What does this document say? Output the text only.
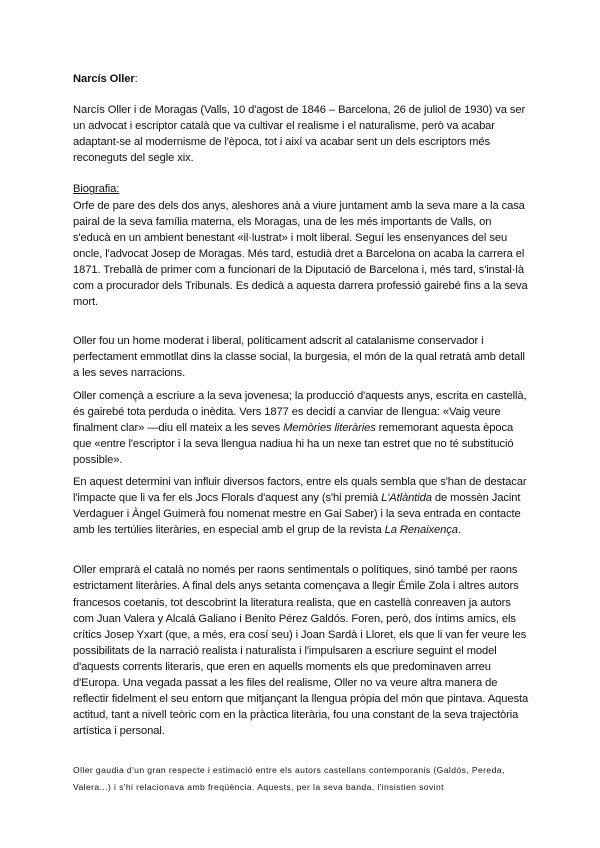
Narcís Oller:

Narcís Oller i de Moragas (Valls, 10 d'agost de 1846 – Barcelona, 26 de juliol de 1930) va ser un advocat i escriptor català que va cultivar el realisme i el naturalisme, però va acabar adaptant-se al modernisme de l'època, tot i així va acabar sent un dels escriptors més reconeguts del segle xix.

Biografia:

Orfe de pare des dels dos anys, aleshores anà a viure juntament amb la seva mare a la casa pairal de la seva família materna, els Moragas, una de les més importants de Valls, on s'educà en un ambient benestant «il·lustrat» i molt liberal. Seguí les ensenyances del seu oncle, l'advocat Josep de Moragas. Més tard, estudià dret a Barcelona on acaba la carrera el 1871. Treballà de primer com a funcionari de la Diputació de Barcelona i, més tard, s'instal·là com a procurador dels Tribunals. Es dedicà a aquesta darrera professió gairebé fins a la seva mort.

Oller fou un home moderat i liberal, políticament adscrit al catalanisme conservador i perfectament emmotllat dins la classe social, la burgesia, el món de la qual retratà amb detall a les seves narracions.

Oller començà a escriure a la seva jovenesa; la producció d'aquests anys, escrita en castellà, és gairebé tota perduda o inèdita. Vers 1877 es decidí a canviar de llengua: «Vaig veure finalment clar» —diu ell mateix a les seves Memòries literàries rememorant aquesta època que «entre l'escriptor i la seva llengua nadiua hi ha un nexe tan estret que no té substitució possible».

En aquest determini van influir diversos factors, entre els quals sembla que s'han de destacar l'impacte que li va fer els Jocs Florals d'aquest any (s'hi premià L'Atlàntida de mossèn Jacint Verdaguer i Àngel Guimerà fou nomenat mestre en Gai Saber) i la seva entrada en contacte amb les tertúlies literàries, en especial amb el grup de la revista La Renaixença.

Oller emprarà el català no només per raons sentimentals o polítiques, sinó també per raons estrictament literàries. A final dels anys setanta començava a llegir Émile Zola i altres autors francesos coetanis, tot descobrint la literatura realista, que en castellà conreaven ja autors com Juan Valera y Alcalá Galiano i Benito Pérez Galdós. Foren, però, dos íntims amics, els crítics Josep Yxart (que, a més, era cosí seu) i Joan Sardà i Lloret, els que li van fer veure les possibilitats de la narració realista i naturalista i l'impulsaren a escriure seguint el model d'aquests corrents literaris, que eren en aquells moments els que predominaven arreu d'Europa. Una vegada passat a les files del realisme, Oller no va veure altra manera de reflectir fidelment el seu entorn que mitjançant la llengua pròpia del món que pintava. Aquesta actitud, tant a nivell teòric com en la pràctica literària, fou una constant de la seva trajectòria artística i personal.

Oller gaudia d'un gran respecte i estimació entre els autors castellans contemporanis (Galdós, Pereda, Valera...) i s'hi relacionava amb freqüència. Aquests, per la seva banda, l'insistien sovint
